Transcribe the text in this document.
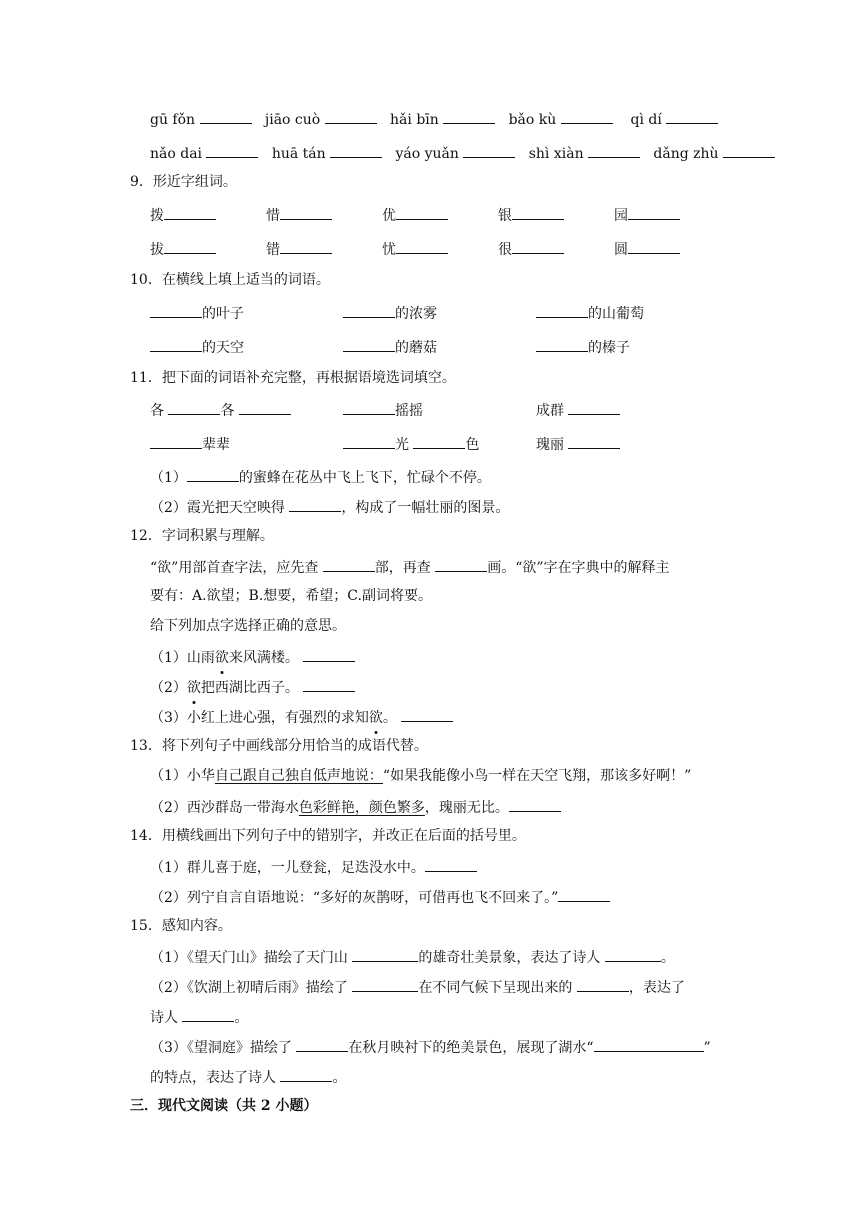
gū fǒn	jiāo cuò	hǎi bīn	bǎo kù	qì dí
nǎo dai	huā tán	yáo yuǎn	shì xiàn	dǎng zhù
9．形近字组词。
拨	惜	优	银	园
拔	错	忧	很	圆
10．在横线上填上适当的词语。
的叶子	的浓雾	的山葡萄
的天空	的蘑菇	的榛子
11．把下面的词语补充完整，再根据语境选词填空。
各	各	摇摇	成群
辈辈	光	色	瑰丽
（1）	的蜜蜂在花丛中飞上飞下，忙碌个不停。
（2）霞光把天空映得	，构成了一幅壮丽的图景。
12．字词积累与理解。
“欲”用部首查字法，应先查	部，再查	画。“欲”字在字典中的解释主
要有：A.欲望；B.想要，希望；C.副词将要。
给下列加点字选择正确的意思。
（1）山雨欲来风满楼。
（2）欲把西湖比西子。
（3）小红上进心强，有强烈的求知欲。
13．将下列句子中画线部分用恰当的成语代替。
（1）小华自己跟自己独自低声地说：“如果我能像小鸟一样在天空飞翔，那该多好啊！”
（2）西沙群岛一带海水色彩鲜艳，颜色繁多，瑰丽无比。
14．用横线画出下列句子中的错别字，并改正在后面的括号里。
（1）群儿喜于庭，一儿登瓮，足迭没水中。
（2）列宁自言自语地说：“多好的灰鹊呀，可借再也飞不回来了。”
15．感知内容。
（1）《望天门山》描绘了天门山	的雄奇壮美景象，表达了诗人	。
（2）《饮湖上初晴后雨》描绘了	在不同气候下呈现出来的	，表达了
诗人	。
（3）《望洞庭》描绘了	在秋月映衬下的绝美景色，展现了湖水“	”
的特点，表达了诗人	。
三．现代文阅读（共 2 小题）
